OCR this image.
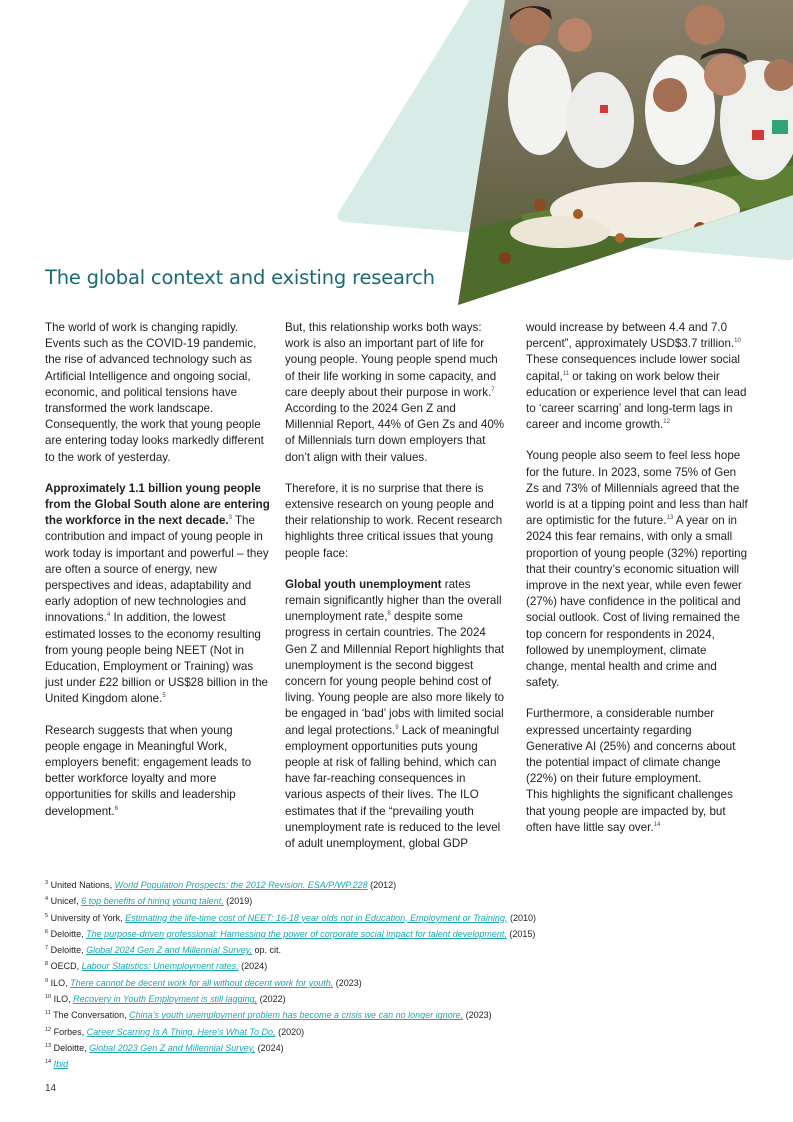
The global context and existing research

The world of work is changing rapidly. Events such as the COVID-19 pandemic, the rise of advanced technology such as Artificial Intelligence and ongoing social, economic, and political tensions have transformed the work landscape. Consequently, the work that young people are entering today looks markedly different to the work of yesterday.

Approximately 1.1 billion young people from the Global South alone are entering the workforce in the next decade.$^3$ The contribution and impact of young people in work today is important and powerful – they are often a source of energy, new perspectives and ideas, adaptability and early adoption of new technologies and innovations.$^4$ In addition, the lowest estimated losses to the economy resulting from young people being NEET (Not in Education, Employment or Training) was just under £22 billion or US$28 billion in the United Kingdom alone.$^5$

Research suggests that when young people engage in Meaningful Work, employers benefit: engagement leads to better workforce loyalty and more opportunities for skills and leadership development.$^6$

But, this relationship works both ways: work is also an important part of life for young people. Young people spend much of their life working in some capacity, and care deeply about their purpose in work.$^7$ According to the 2024 Gen Z and Millennial Report, 44% of Gen Zs and 40% of Millennials turn down employers that don’t align with their values.

Therefore, it is no surprise that there is extensive research on young people and their relationship to work. Recent research highlights three critical issues that young people face:

Global youth unemployment rates remain significantly higher than the overall unemployment rate,$^8$ despite some progress in certain countries. The 2024 Gen Z and Millennial Report highlights that unemployment is the second biggest concern for young people behind cost of living. Young people are also more likely to be engaged in ‘bad’ jobs with limited social and legal protections.$^9$ Lack of meaningful employment opportunities puts young people at risk of falling behind, which can have far-reaching consequences in various aspects of their lives. The ILO estimates that if the “prevailing youth unemployment rate is reduced to the level of adult unemployment, global GDP

would increase by between 4.4 and 7.0 percent”, approximately USD$3.7 trillion.$^{10}$ These consequences include lower social capital,$^{11}$ or taking on work below their education or experience level that can lead to ‘career scarring’ and long-term lags in career and income growth.$^{12}$

Young people also seem to feel less hope for the future. In 2023, some 75% of Gen Zs and 73% of Millennials agreed that the world is at a tipping point and less than half are optimistic for the future.$^{13}$ A year on in 2024 this fear remains, with only a small proportion of young people (32%) reporting that their country’s economic situation will improve in the next year, while even fewer (27%) have confidence in the political and social outlook. Cost of living remained the top concern for respondents in 2024, followed by unemployment, climate change, mental health and crime and safety.

Furthermore, a considerable number expressed uncertainty regarding Generative AI (25%) and concerns about the potential impact of climate change (22%) on their future employment.
This highlights the significant challenges that young people are impacted by, but often have little say over.$^{14}$

$^3$ United Nations, World Population Prospects: the 2012 Revision. ESA/P/WP.228 (2012)
$^4$ Unicef, 6 top benefits of hiring young talent, (2019)
$^5$ University of York, Estimating the life-time cost of NEET: 16-18 year olds not in Education, Employment or Training, (2010)
$^6$ Deloitte, The purpose-driven professional: Harnessing the power of corporate social impact for talent development, (2015)
$^7$ Deloitte, Global 2024 Gen Z and Millennial Survey, op. cit.
$^8$ OECD, Labour Statistics: Unemployment rates, (2024)
$^9$ ILO, There cannot be decent work for all without decent work for youth, (2023)
$^{10}$ ILO, Recovery in Youth Employment is still lagging, (2022)
$^{11}$ The Conversation, China’s youth unemployment problem has become a crisis we can no longer ignore, (2023)
$^{12}$ Forbes, Career Scarring Is A Thing. Here’s What To Do, (2020)
$^{13}$ Deloitte, Global 2023 Gen Z and Millennial Survey, (2024)
$^{14}$ Ibid
14
